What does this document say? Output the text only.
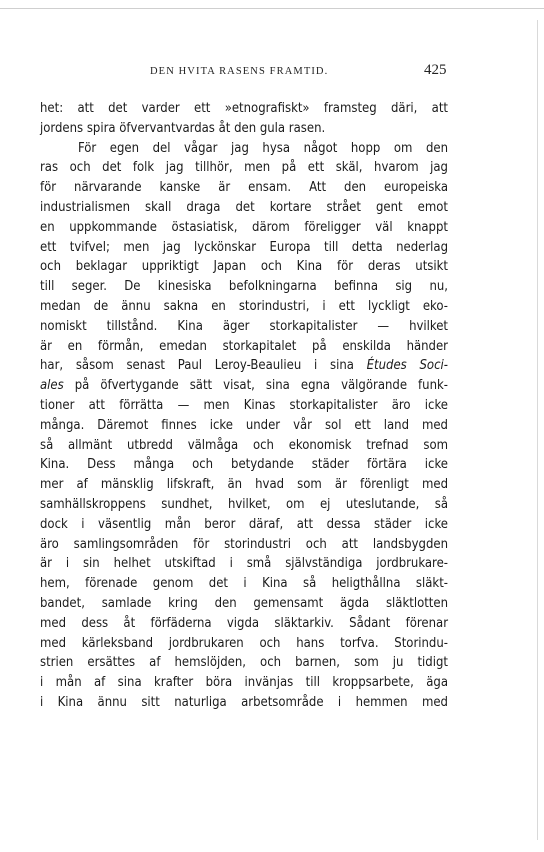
DEN HVITA RASENS FRAMTID.	425
het: att det varder ett »etnografiskt» framsteg däri, att
jordens spira öfvervantvardas åt den gula rasen.
För egen del vågar jag hysa något hopp om den
ras och det folk jag tillhör, men på ett skäl, hvarom jag
för närvarande kanske är ensam. Att den europeiska
industrialismen skall draga det kortare strået gent emot
en uppkommande östasiatisk, därom föreligger väl knappt
ett tvifvel; men jag lyckönskar Europa till detta nederlag
och beklagar uppriktigt Japan och Kina för deras utsikt
till seger. De kinesiska befolkningarna befinna sig nu,
medan de ännu sakna en storindustri, i ett lyckligt eko-
nomiskt tillstånd. Kina äger storkapitalister — hvilket
är en förmån, emedan storkapitalet på enskilda händer
har, såsom senast Paul Leroy-Beaulieu i sina Études Soci-
ales på öfvertygande sätt visat, sina egna välgörande funk-
tioner att förrätta — men Kinas storkapitalister äro icke
många. Däremot finnes icke under vår sol ett land med
så allmänt utbredd välmåga och ekonomisk trefnad som
Kina. Dess många och betydande städer förtära icke
mer af mänsklig lifskraft, än hvad som är förenligt med
samhällskroppens sundhet, hvilket, om ej uteslutande, så
dock i väsentlig mån beror däraf, att dessa städer icke
äro samlingsområden för storindustri och att landsbygden
är i sin helhet utskiftad i små självständiga jordbrukare-
hem, förenade genom det i Kina så heligthållna släkt-
bandet, samlade kring den gemensamt ägda släktlotten
med dess åt förfäderna vigda släktarkiv. Sådant förenar
med kärleksband jordbrukaren och hans torfva. Storindu-
strien ersättes af hemslöjden, och barnen, som ju tidigt
i mån af sina krafter böra invänjas till kroppsarbete, äga
i Kina ännu sitt naturliga arbetsområde i hemmen med
